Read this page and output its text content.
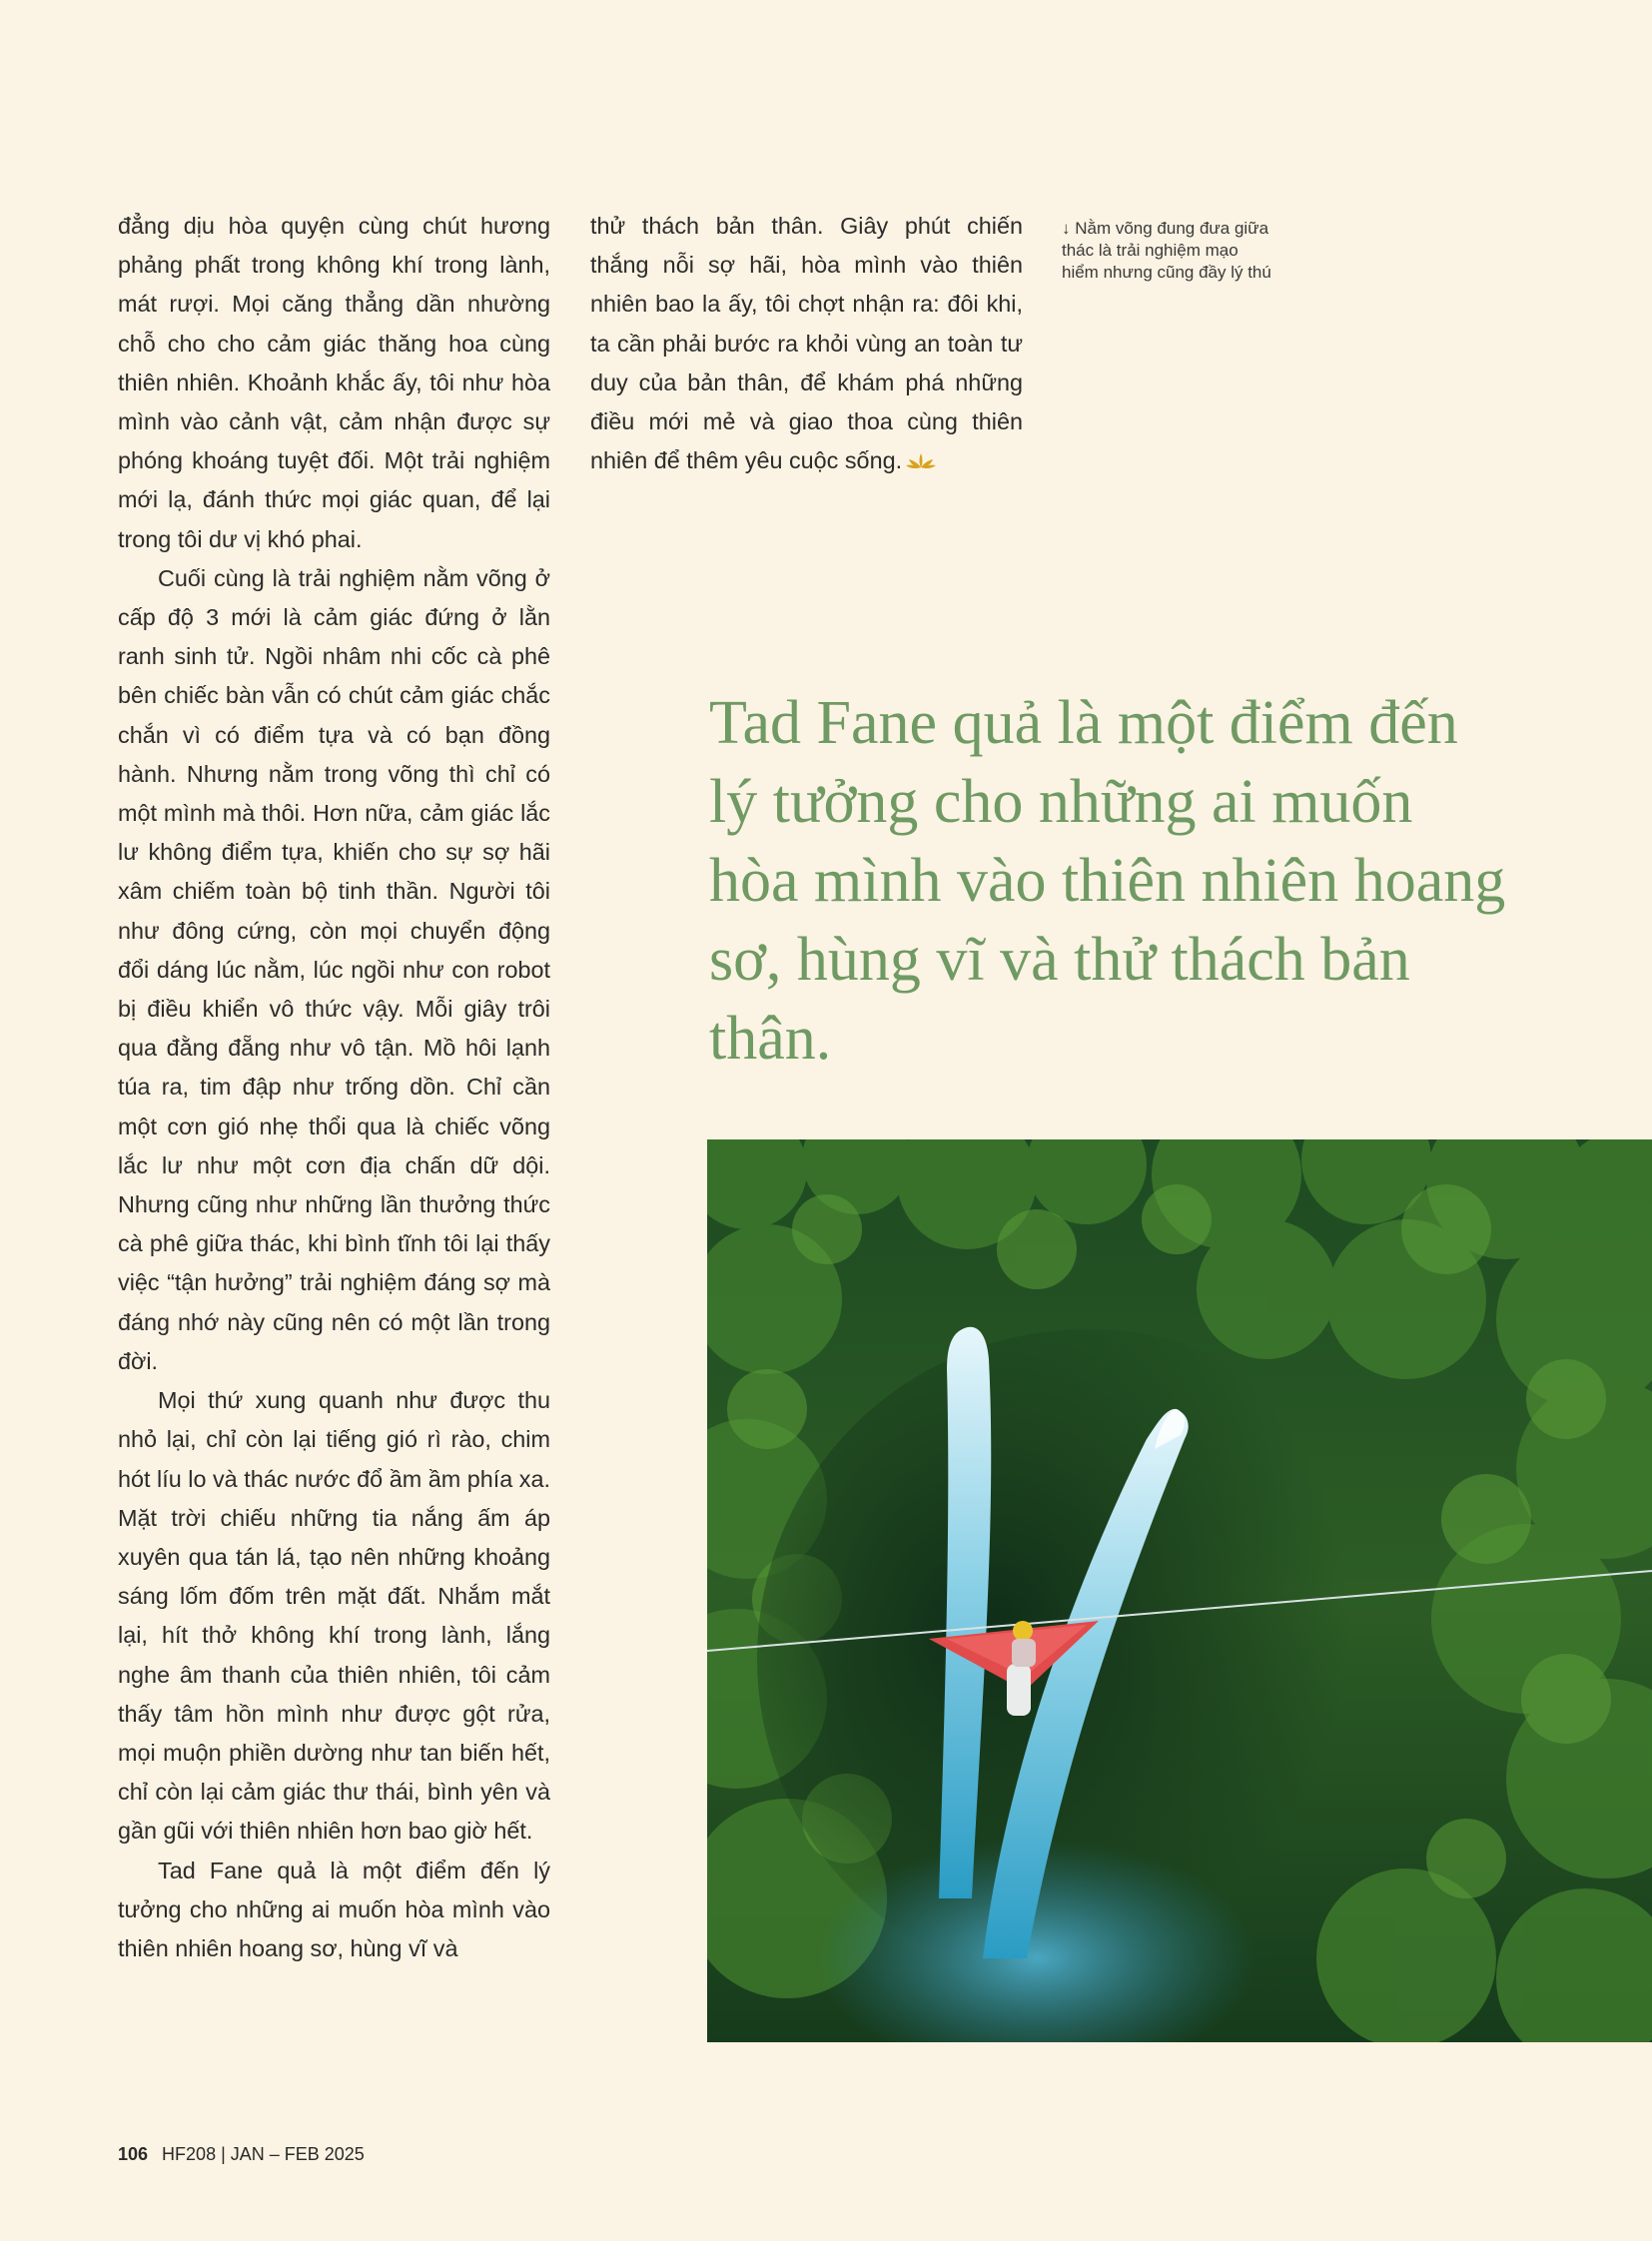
đẳng dịu hòa quyện cùng chút hương phảng phất trong không khí trong lành, mát rượi. Mọi căng thẳng dần nhường chỗ cho cho cảm giác thăng hoa cùng thiên nhiên. Khoảnh khắc ấy, tôi như hòa mình vào cảnh vật, cảm nhận được sự phóng khoáng tuyệt đối. Một trải nghiệm mới lạ, đánh thức mọi giác quan, để lại trong tôi dư vị khó phai.

Cuối cùng là trải nghiệm nằm võng ở cấp độ 3 mới là cảm giác đứng ở lằn ranh sinh tử. Ngồi nhâm nhi cốc cà phê bên chiếc bàn vẫn có chút cảm giác chắc chắn vì có điểm tựa và có bạn đồng hành. Nhưng nằm trong võng thì chỉ có một mình mà thôi. Hơn nữa, cảm giác lắc lư không điểm tựa, khiến cho sự sợ hãi xâm chiếm toàn bộ tinh thần. Người tôi như đông cứng, còn mọi chuyển động đổi dáng lúc nằm, lúc ngồi như con robot bị điều khiển vô thức vậy. Mỗi giây trôi qua đằng đẵng như vô tận. Mồ hôi lạnh túa ra, tim đập như trống dồn. Chỉ cần một cơn gió nhẹ thổi qua là chiếc võng lắc lư như một cơn địa chấn dữ dội. Nhưng cũng như những lần thưởng thức cà phê giữa thác, khi bình tĩnh tôi lại thấy việc “tận hưởng” trải nghiệm đáng sợ mà đáng nhớ này cũng nên có một lần trong đời.

Mọi thứ xung quanh như được thu nhỏ lại, chỉ còn lại tiếng gió rì rào, chim hót líu lo và thác nước đổ ầm ầm phía xa. Mặt trời chiếu những tia nắng ấm áp xuyên qua tán lá, tạo nên những khoảng sáng lốm đốm trên mặt đất. Nhắm mắt lại, hít thở không khí trong lành, lắng nghe âm thanh của thiên nhiên, tôi cảm thấy tâm hồn mình như được gột rửa, mọi muộn phiền dường như tan biến hết, chỉ còn lại cảm giác thư thái, bình yên và gần gũi với thiên nhiên hơn bao giờ hết.

Tad Fane quả là một điểm đến lý tưởng cho những ai muốn hòa mình vào thiên nhiên hoang sơ, hùng vĩ và

thử thách bản thân. Giây phút chiến thắng nỗi sợ hãi, hòa mình vào thiên nhiên bao la ấy, tôi chợt nhận ra: đôi khi, ta cần phải bước ra khỏi vùng an toàn tư duy của bản thân, để khám phá những điều mới mẻ và giao thoa cùng thiên nhiên để thêm yêu cuộc sống.

↓ Nằm võng đung đưa giữa thác là trải nghiệm mạo hiểm nhưng cũng đầy lý thú
Tad Fane quả là một điểm đến lý tưởng cho những ai muốn hòa mình vào thiên nhiên hoang sơ, hùng vĩ và thử thách bản thân.
106 HF208 | JAN – FEB 2025
